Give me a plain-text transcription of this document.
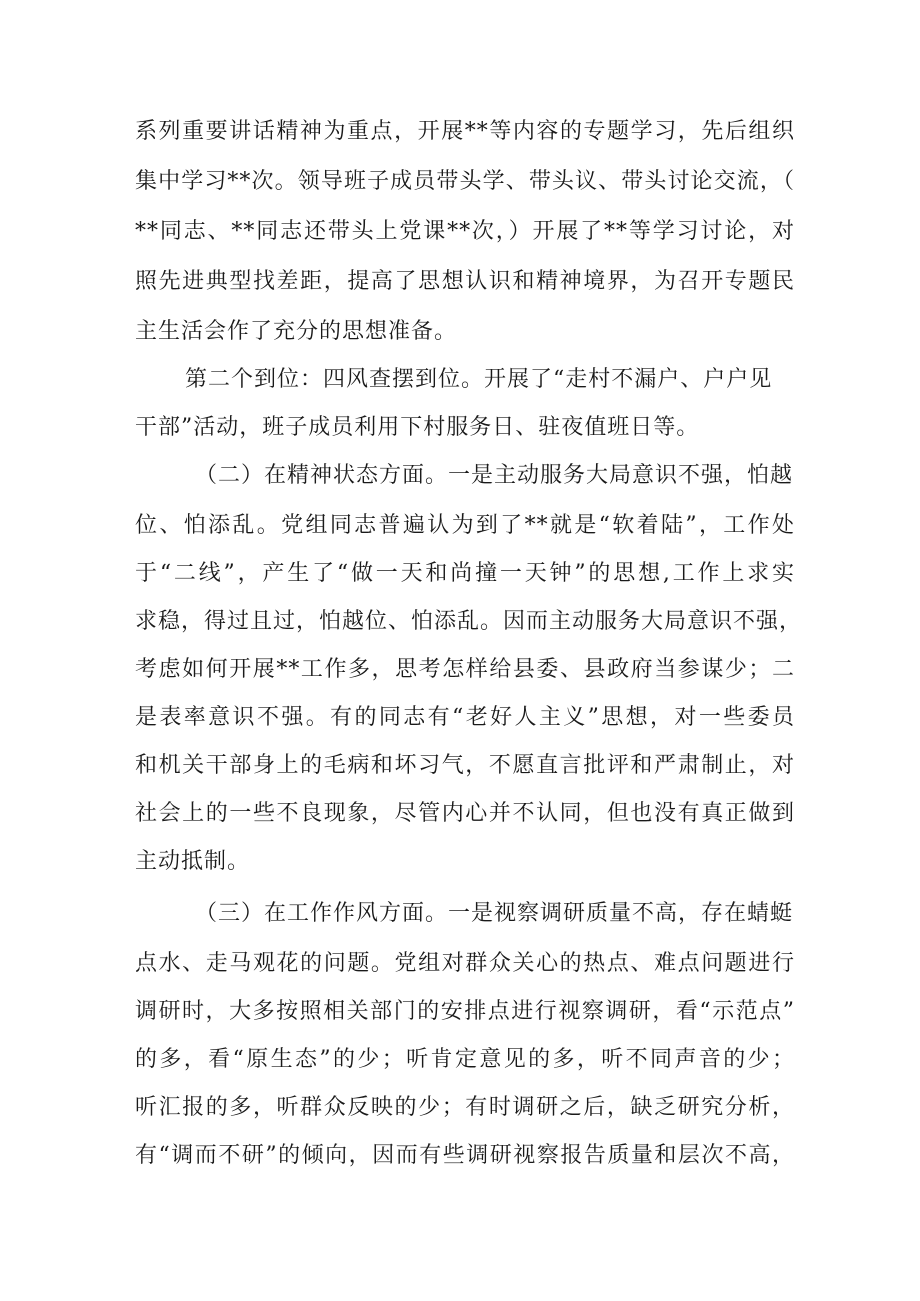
系列重要讲话精神为重点，开展**等内容的专题学习，先后组织
集中学习**次。领导班子成员带头学、带头议、带头讨论交流，（
**同志、**同志还带头上党课**次，）开展了**等学习讨论，对
照先进典型找差距，提高了思想认识和精神境界，为召开专题民
主生活会作了充分的思想准备。
第二个到位：四风查摆到位。开展了“走村不漏户、户户见
干部”活动，班子成员利用下村服务日、驻夜值班日等。
（二）在精神状态方面。一是主动服务大局意识不强，怕越
位、怕添乱。党组同志普遍认为到了**就是“软着陆”，工作处
于“二线”，产生了“做一天和尚撞一天钟”的思想,工作上求实
求稳，得过且过，怕越位、怕添乱。因而主动服务大局意识不强，
考虑如何开展**工作多，思考怎样给县委、县政府当参谋少；二
是表率意识不强。有的同志有“老好人主义”思想，对一些委员
和机关干部身上的毛病和坏习气，不愿直言批评和严肃制止，对
社会上的一些不良现象，尽管内心并不认同，但也没有真正做到
主动抵制。
（三）在工作作风方面。一是视察调研质量不高，存在蜻蜓
点水、走马观花的问题。党组对群众关心的热点、难点问题进行
调研时，大多按照相关部门的安排点进行视察调研，看“示范点”
的多，看“原生态”的少；听肯定意见的多，听不同声音的少；
听汇报的多，听群众反映的少；有时调研之后，缺乏研究分析，
有“调而不研”的倾向，因而有些调研视察报告质量和层次不高，
